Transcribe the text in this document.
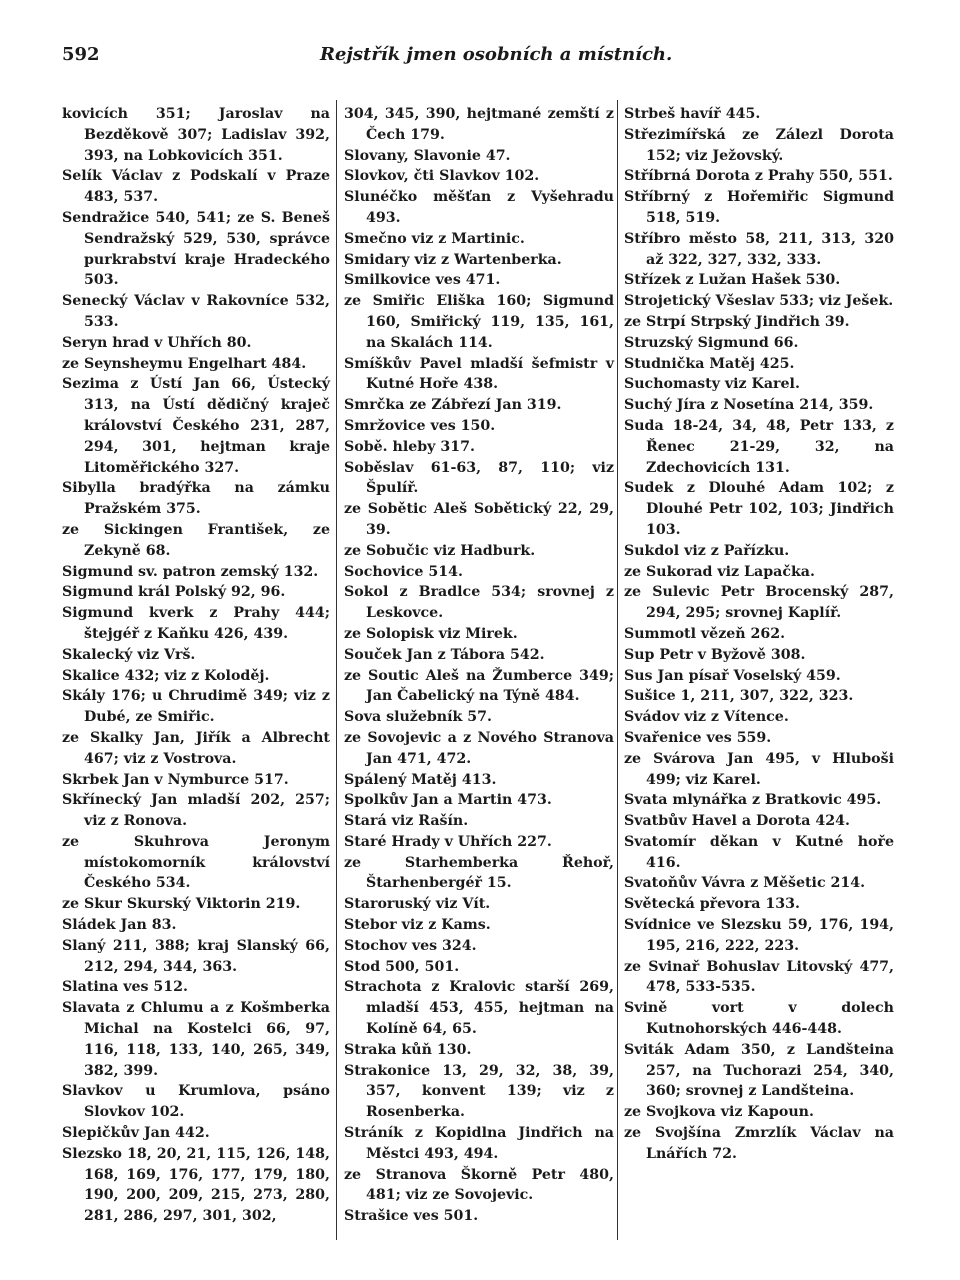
592	Rejstřík jmen osobních a místních.

kovicích 351; Jaroslav na Bezděkově 307; Ladislav 392, 393, na Lobkovicích 351.

Selík Václav z Podskalí v Praze 483, 537.

Sendražice 540, 541; ze S. Beneš Sendražský 529, 530, správce purkrabství kraje Hradeckého 503.

Senecký Václav v Rakovníce 532, 533.

Seryn hrad v Uhřích 80.

ze Seynsheymu Engelhart 484.

Sezima z Ústí Jan 66, Ústecký 313, na Ústí dědičný kraječ království Českého 231, 287, 294, 301, hejtman kraje Litoměřického 327.

Sibylla bradýřka na zámku Pražském 375.

ze Sickingen František, ze Zekyně 68.

Sigmund sv. patron zemský 132.

Sigmund král Polský 92, 96.

Sigmund kverk z Prahy 444; štejgéř z Kaňku 426, 439.

Skalecký viz Vrš.

Skalice 432; viz z Koloděj.

Skály 176; u Chrudimě 349; viz z Dubé, ze Smiřic.

ze Skalky Jan, Jiřík a Albrecht 467; viz z Vostrova.

Skrbek Jan v Nymburce 517.

Skřínecký Jan mladší 202, 257; viz z Ronova.

ze Skuhrova Jeronym místokomorník království Českého 534.

ze Skur Skurský Viktorin 219.

Sládek Jan 83.

Slaný 211, 388; kraj Slanský 66, 212, 294, 344, 363.

Slatina ves 512.

Slavata z Chlumu a z Košmberka Michal na Kostelci 66, 97, 116, 118, 133, 140, 265, 349, 382, 399.

Slavkov u Krumlova, psáno Slovkov 102.

Slepičkův Jan 442.

Slezsko 18, 20, 21, 115, 126, 148, 168, 169, 176, 177, 179, 180, 190, 200, 209, 215, 273, 280, 281, 286, 297, 301, 302,

304, 345, 390, hejtmané zemští z Čech 179.

Slovany, Slavonie 47.

Slovkov, čti Slavkov 102.

Slunéčko měšťan z Vyšehradu 493.

Smečno viz z Martinic.

Smidary viz z Wartenberka.

Smilkovice ves 471.

ze Smiřic Eliška 160; Sigmund 160, Smiřický 119, 135, 161, na Skalách 114.

Smíškův Pavel mladší šefmistr v Kutné Hoře 438.

Smrčka ze Zábřezí Jan 319.

Smržovice ves 150.

Sobě. hleby 317.

Soběslav 61-63, 87, 110; viz Špulíř.

ze Sobětic Aleš Sobětický 22, 29, 39.

ze Sobučic viz Hadburk.

Sochovice 514.

Sokol z Bradlce 534; srovnej z Leskovce.

ze Solopisk viz Mirek.

Souček Jan z Tábora 542.

ze Soutic Aleš na Žumberce 349; Jan Čabelický na Týně 484.

Sova služebník 57.

ze Sovojevic a z Nového Stranova Jan 471, 472.

Spálený Matěj 413.

Spolkův Jan a Martin 473.

Stará viz Rašín.

Staré Hrady v Uhřích 227.

ze Starhemberka Řehoř, Štarhenbergéř 15.

Staroruský viz Vít.

Stebor viz z Kams.

Stochov ves 324.

Stod 500, 501.

Strachota z Kralovic starší 269, mladší 453, 455, hejtman na Kolíně 64, 65.

Straka kůň 130.

Strakonice 13, 29, 32, 38, 39, 357, konvent 139; viz z Rosenberka.

Stráník z Kopidlna Jindřich na Městci 493, 494.

ze Stranova Škorně Petr 480, 481; viz ze Sovojevic.

Strašice ves 501.

Strbeš havíř 445.

Střezimířská ze Zálezl Dorota 152; viz Ježovský.

Stříbrná Dorota z Prahy 550, 551.

Stříbrný z Hořemiřic Sigmund 518, 519.

Stříbro město 58, 211, 313, 320 až 322, 327, 332, 333.

Střízek z Lužan Hašek 530.

Strojetický Všeslav 533; viz Ješek.

ze Strpí Strpský Jindřich 39.

Struzský Sigmund 66.

Studnička Matěj 425.

Suchomasty viz Karel.

Suchý Jíra z Nosetína 214, 359.

Suda 18-24, 34, 48, Petr 133, z Řenec 21-29, 32, na Zdechovicích 131.

Sudek z Dlouhé Adam 102; z Dlouhé Petr 102, 103; Jindřich 103.

Sukdol viz z Pařízku.

ze Sukorad viz Lapačka.

ze Sulevic Petr Brocenský 287, 294, 295; srovnej Kaplíř.

Summotl vězeň 262.

Sup Petr v Byžově 308.

Sus Jan písař Voselský 459.

Sušice 1, 211, 307, 322, 323.

Svádov viz z Vítence.

Svařenice ves 559.

ze Svárova Jan 495, v Hluboši 499; viz Karel.

Svata mlynářka z Bratkovic 495.

Svatbův Havel a Dorota 424.

Svatomír děkan v Kutné hoře 416.

Svatoňův Vávra z Měšetic 214.

Světecká převora 133.

Svídnice ve Slezsku 59, 176, 194, 195, 216, 222, 223.

ze Svinař Bohuslav Litovský 477, 478, 533-535.

Svině vort v dolech Kutnohorských 446-448.

Sviták Adam 350, z Landšteina 257, na Tuchorazi 254, 340, 360; srovnej z Landšteina.

ze Svojkova viz Kapoun.

ze Svojšína Zmrzlík Václav na Lnářích 72.
